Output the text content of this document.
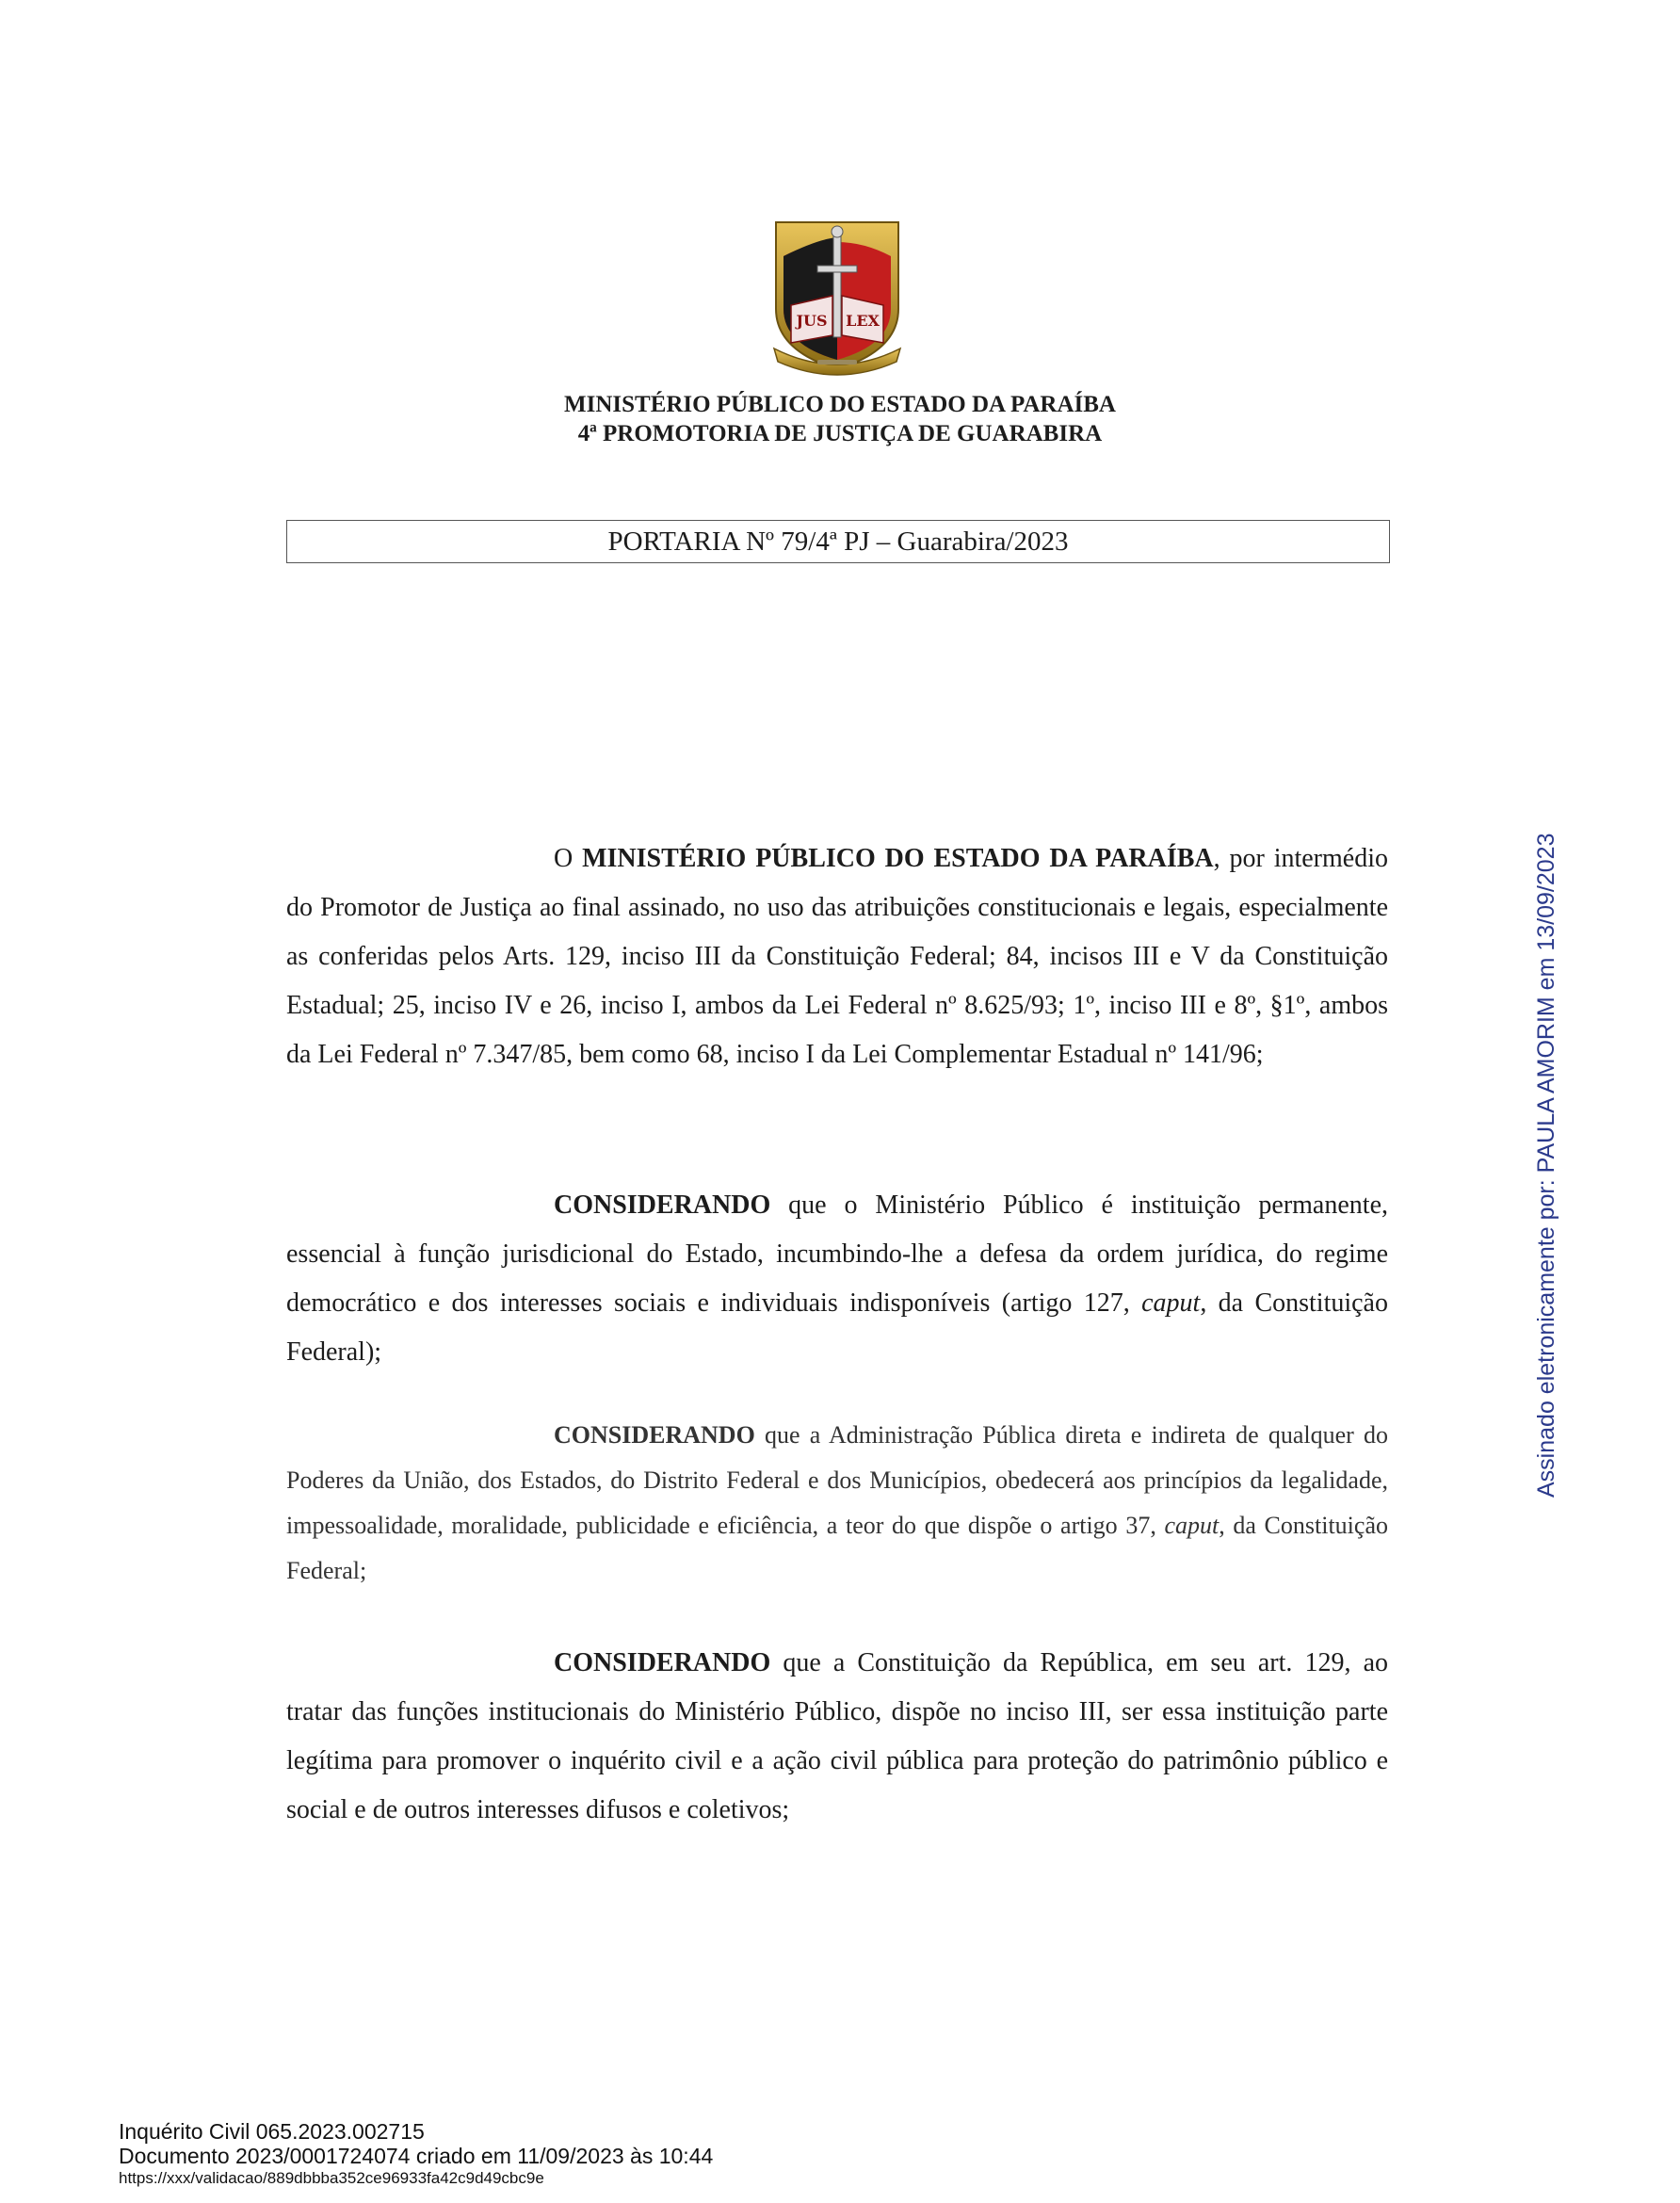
JUS LEX
MINISTÉRIO PÚBLICO DO ESTADO DA PARAÍBA
4ª PROMOTORIA DE JUSTIÇA DE GUARABIRA
PORTARIA Nº 79/4ª PJ – Guarabira/2023
O MINISTÉRIO PÚBLICO DO ESTADO DA PARAÍBA, por intermédio do Promotor de Justiça ao final assinado, no uso das atribuições constitucionais e legais, especialmente as conferidas pelos Arts. 129, inciso III da Constituição Federal; 84, incisos III e V da Constituição Estadual; 25, inciso IV e 26, inciso I, ambos da Lei Federal nº 8.625/93; 1º, inciso III e 8º, §1º, ambos da Lei Federal nº 7.347/85, bem como 68, inciso I da Lei Complementar Estadual nº 141/96;
CONSIDERANDO que o Ministério Público é instituição permanente, essencial à função jurisdicional do Estado, incumbindo-lhe a defesa da ordem jurídica, do regime democrático e dos interesses sociais e individuais indisponíveis (artigo 127, caput, da Constituição Federal);
CONSIDERANDO que a Administração Pública direta e indireta de qualquer do Poderes da União, dos Estados, do Distrito Federal e dos Municípios, obedecerá aos princípios da legalidade, impessoalidade, moralidade, publicidade e eficiência, a teor do que dispõe o artigo 37, caput, da Constituição Federal;
CONSIDERANDO que a Constituição da República, em seu art. 129, ao tratar das funções institucionais do Ministério Público, dispõe no inciso III, ser essa instituição parte legítima para promover o inquérito civil e a ação civil pública para proteção do patrimônio público e social e de outros interesses difusos e coletivos;
Assinado eletronicamente por: PAULA AMORIM em 13/09/2023
Inquérito Civil 065.2023.002715
Documento 2023/0001724074 criado em 11/09/2023 às 10:44
https://xxx/validacao/889dbbba352ce96933fa42c9d49cbc9e
